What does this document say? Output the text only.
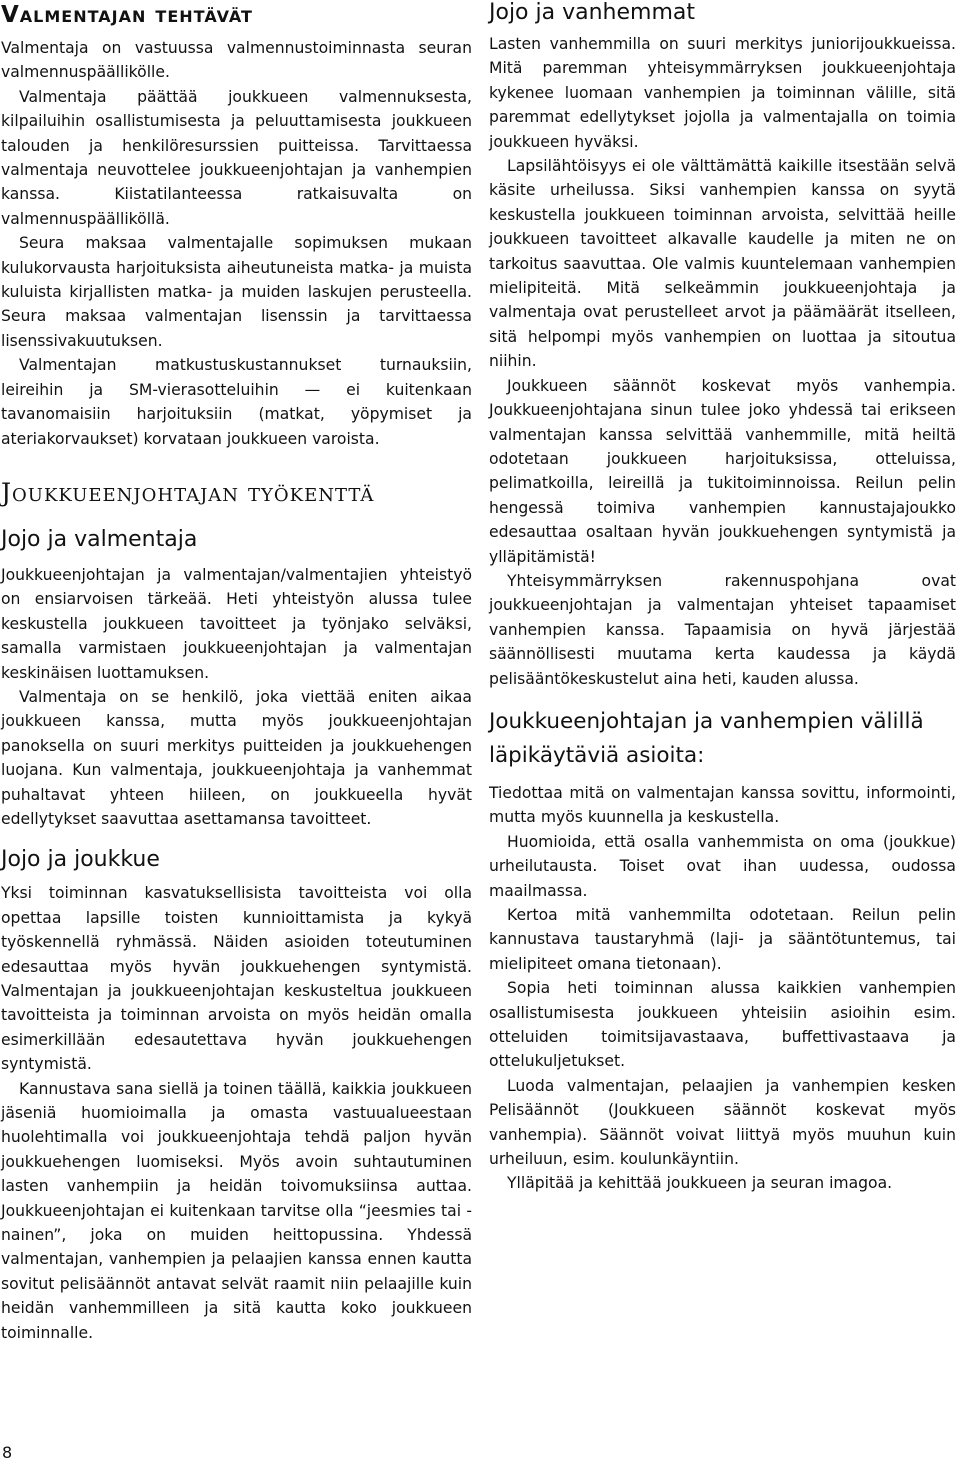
Valmentajan tehtävät

Valmentaja on vastuussa valmennustoiminnasta seuran valmennuspäällikölle.

Valmentaja päättää joukkueen valmennuksesta, kilpailuihin osallistumisesta ja peluuttamisesta joukkueen talouden ja henkilöresurssien puitteissa. Tarvittaessa valmentaja neuvottelee joukkueenjohtajan ja vanhempien kanssa. Kiistatilanteessa ratkaisuvalta on valmennuspäälliköllä.

Seura maksaa valmentajalle sopimuksen mukaan kulukorvausta harjoituksista aiheutuneista matka- ja muista kuluista kirjallisten matka- ja muiden laskujen perusteella. Seura maksaa valmentajan lisenssin ja tarvittaessa lisenssivakuutuksen.

Valmentajan matkustuskustannukset turnauksiin, leireihin ja SM-vierasotteluihin — ei kuitenkaan tavanomaisiin harjoituksiin (matkat, yöpymiset ja ateriakorvaukset) korvataan joukkueen varoista.

Joukkueenjohtajan työkenttä
Jojo ja valmentaja

Joukkueenjohtajan ja valmentajan/valmentajien yhteistyö on ensiarvoisen tärkeää. Heti yhteistyön alussa tulee keskustella joukkueen tavoitteet ja työnjako selväksi, samalla varmistaen joukkueenjohtajan ja valmentajan keskinäisen luottamuksen.

Valmentaja on se henkilö, joka viettää eniten aikaa joukkueen kanssa, mutta myös joukkueenjohtajan panoksella on suuri merkitys puitteiden ja joukkuehengen luojana. Kun valmentaja, joukkueenjohtaja ja vanhemmat puhaltavat yhteen hiileen, on joukkueella hyvät edellytykset saavuttaa asettamansa tavoitteet.

Jojo ja joukkue

Yksi toiminnan kasvatuksellisista tavoitteista voi olla opettaa lapsille toisten kunnioittamista ja kykyä työskennellä ryhmässä. Näiden asioiden toteutuminen edesauttaa myös hyvän joukkuehengen syntymistä. Valmentajan ja joukkueenjohtajan keskusteltua joukkueen tavoitteista ja toiminnan arvoista on myös heidän omalla esimerkillään edesautettava hyvän joukkuehengen syntymistä.

Kannustava sana siellä ja toinen täällä, kaikkia joukkueen jäseniä huomioimalla ja omasta vastuualueestaan huolehtimalla voi joukkueenjohtaja tehdä paljon hyvän joukkuehengen luomiseksi. Myös avoin suhtautuminen lasten vanhempiin ja heidän toivomuksiinsa auttaa. Joukkueenjohtajan ei kuitenkaan tarvitse olla “jeesmies tai -nainen”, joka on muiden heittopussina. Yhdessä valmentajan, vanhempien ja pelaajien kanssa ennen kautta sovitut pelisäännöt antavat selvät raamit niin pelaajille kuin heidän vanhemmilleen ja sitä kautta koko joukkueen toiminnalle.

Jojo ja vanhemmat

Lasten vanhemmilla on suuri merkitys juniorijoukkueissa. Mitä paremman yhteisymmärryksen joukkueenjohtaja kykenee luomaan vanhempien ja toiminnan välille, sitä paremmat edellytykset jojolla ja valmentajalla on toimia joukkueen hyväksi.

Lapsilähtöisyys ei ole välttämättä kaikille itsestään selvä käsite urheilussa. Siksi vanhempien kanssa on syytä keskustella joukkueen toiminnan arvoista, selvittää heille joukkueen tavoitteet alkavalle kaudelle ja miten ne on tarkoitus saavuttaa. Ole valmis kuuntelemaan vanhempien mielipiteitä. Mitä selkeämmin joukkueenjohtaja ja valmentaja ovat perustelleet arvot ja päämäärät itselleen, sitä helpompi myös vanhempien on luottaa ja sitoutua niihin.

Joukkueen säännöt koskevat myös vanhempia. Joukkueenjohtajana sinun tulee joko yhdessä tai erikseen valmentajan kanssa selvittää vanhemmille, mitä heiltä odotetaan joukkueen harjoituksissa, otteluissa, pelimatkoilla, leireillä ja tukitoiminnoissa. Reilun pelin hengessä toimiva vanhempien kannustajajoukko edesauttaa osaltaan hyvän joukkuehengen syntymistä ja ylläpitämistä!

Yhteisymmärryksen rakennuspohjana ovat joukkueenjohtajan ja valmentajan yhteiset tapaamiset vanhempien kanssa. Tapaamisia on hyvä järjestää säännöllisesti muutama kerta kaudessa ja käydä pelisääntökeskustelut aina heti, kauden alussa.

Joukkueenjohtajan ja vanhempien välillä läpikäytäviä asioita:

Tiedottaa mitä on valmentajan kanssa sovittu, informointi, mutta myös kuunnella ja keskustella.

Huomioida, että osalla vanhemmista on oma (joukkue) urheilutausta. Toiset ovat ihan uudessa, oudossa maailmassa.

Kertoa mitä vanhemmilta odotetaan. Reilun pelin kannustava taustaryhmä (laji- ja sääntötuntemus, tai mielipiteet omana tietonaan).

Sopia heti toiminnan alussa kaikkien vanhempien osallistumisesta joukkueen yhteisiin asioihin esim. otteluiden toimitsijavastaava, buffettivastaava ja ottelukuljetukset.

Luoda valmentajan, pelaajien ja vanhempien kesken Pelisäännöt (Joukkueen säännöt koskevat myös vanhempia). Säännöt voivat liittyä myös muuhun kuin urheiluun, esim. koulunkäyntiin.

Ylläpitää ja kehittää joukkueen ja seuran imagoa.

8
